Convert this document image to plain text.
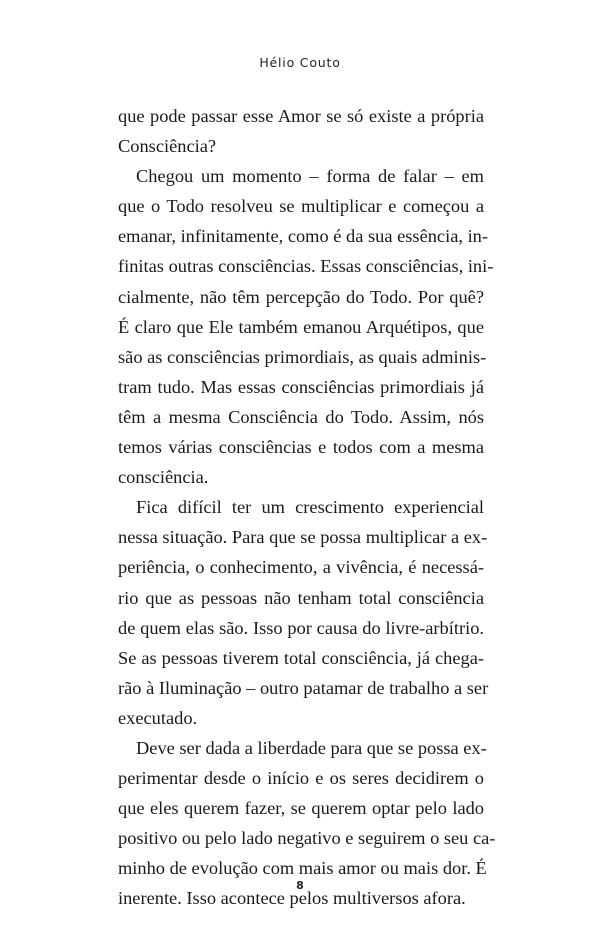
Hélio Couto
que pode passar esse Amor se só existe a própria
Consciência?
Chegou um momento – forma de falar – em
que o Todo resolveu se multiplicar e começou a
emanar, infinitamente, como é da sua essência, in-
finitas outras consciências. Essas consciências, ini-
cialmente, não têm percepção do Todo. Por quê?
É claro que Ele também emanou Arquétipos, que
são as consciências primordiais, as quais adminis-
tram tudo. Mas essas consciências primordiais já
têm a mesma Consciência do Todo. Assim, nós
temos várias consciências e todos com a mesma
consciência.
Fica difícil ter um crescimento experiencial
nessa situação. Para que se possa multiplicar a ex-
periência, o conhecimento, a vivência, é necessá-
rio que as pessoas não tenham total consciência
de quem elas são. Isso por causa do livre-arbítrio.
Se as pessoas tiverem total consciência, já chega-
rão à Iluminação – outro patamar de trabalho a ser
executado.
Deve ser dada a liberdade para que se possa ex-
perimentar desde o início e os seres decidirem o
que eles querem fazer, se querem optar pelo lado
positivo ou pelo lado negativo e seguirem o seu ca-
minho de evolução com mais amor ou mais dor. É
inerente. Isso acontece pelos multiversos afora.
8
